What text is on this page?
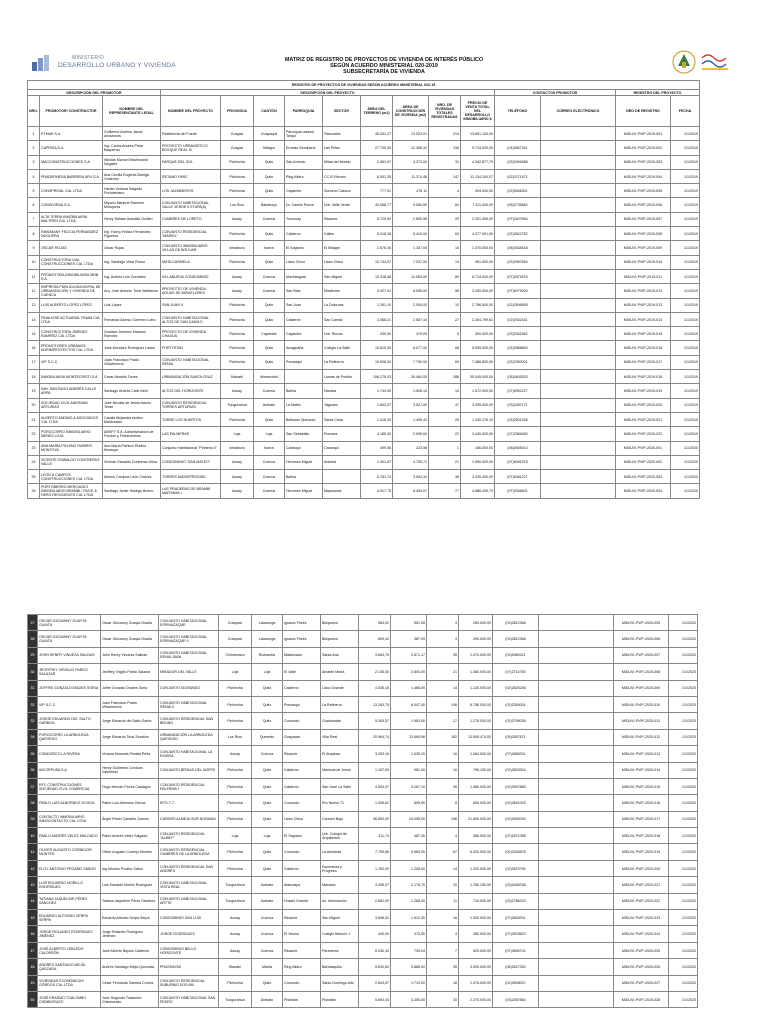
MINISTERIO
DESARROLLO URBANO Y VIVIENDA
MATRIZ DE REGISTRO DE PROYECTOS DE VIVIENDA DE INTERÉS PÚBLICO
SEGÚN ACUERDO MINISTERIAL 020-2019
SUBSECRETARÍA DE VIVIENDA
REGISTRO DE PROYECTOS DE VIVIENDAS SEGÚN ACUERDO MINISTERIAL 020-19															
DESCRIPCIÓN DEL PROMOTOR			DESCRIPCIÓN DEL PROYECTO									CONTACTOS PROMOTOR		REGISTRO DEL PROYECTO	
NRO.	PROMOTOR/ CONSTRUCTOR	NOMBRE DEL REPRESENTANTE LEGAL	NOMBRE DEL PROYECTO	PROVINCIA	CANTÓN	PARROQUIA	SECTOR	ÁREA DEL TERRENO (m2)	ÁREA DE CONSTRUCCIÓN DE VIVIENDA (m2)	NRO. DE VIVIENDAS TOTALES REGISTRADAS	PRECIO DE VENTA TOTAL DEL DESARROLLO INMOBILIARIO $	TELÉFONO	CORREO ELECTRÓNICO	NRO DE REGISTRO	FECHA
1	ETMAR S.A	Guillermo Avelino Jacob Amazonas	Residencia del Fuerte	Guayas	Guayaquil	Parroquia urbana Tarqui	Pascuales	46.051,27	13.023,01	214	13.691.100,00			MIDUVI-PVIP-2019-001	1/1/2019
2	CAPRISA S.A	Ing. Carlos Andrés Prida Baquerizo	PROYECTO URBANÍSTICO BOSQUE REAL III	Guayas	Milagro	Ernesto Seminario	Las Piñas	27.700,00	12.496,34	136	9.714.000,00	(04)4567341		MIDUVI-PVIP-2019-002	1/1/2019
3	MACCONSTRUCCIONES S.A	Nicolás Manuel Machinandi Nogales	PARQUE DEL SOL	Pichincha	Quito	San Antonio	Mitad del Mundo	2.561,97	4.273,00	31	4.342.877,79	(02)2494588		MIDUVI-PVIP-2019-003	1/1/2019
4	PRADERHERA BARRERA APU S.A	Ana Cecilia Eugenia Barriga Gutiérrez	RETAMO PARC	Pichincha	Quito	Ring Alfaro	CC El Recreo	6.501,35	11.374,46	147	11.134.200,07	(02)2271571		MIDUVI-PVIP-2019-004	1/1/2019
5	CONSPRISAL CIA. LTDA	Harlan Ventura Salgado Portobevano	LOS JAZMINEROS	Pichincha	Quito	Cayambe	Sonorco Cabuco	777,51	476,11	4	394.000,00	(02)2646301		MIDUVI-PVIP-2019-005	1/1/2019
6	CONSIVIENA S.A	Miyano Marlene Ramírez Mosquera	CONJUNTO HABITACIONAL VALLE VERDE II ETAPA(6)	Los Ríos	Babahoyo	Dr. Camilo Ponce	Urb. Valle Verde	40.068,77	9.050,59	84	7.311.000,00	(05)2735662		MIDUVI-PVIP-2019-006	1/1/2019
7	ALTA TERRA INMOBILIARIA MALTREN CIA. LTDA.	Henry Raldan Astudillo Guillen	CUMBRES DE LORETO	Azuay	Cuenca	Turunuay	Ricaurte	5.720,94	2.890,96	20	2.301.495,00	(07)2407554		MIDUVI-PVIP-2019-007	1/1/2019
8	INMOMANY FELICIA FERNANDEZ NOGUERA	Ing. Fanny Felicia Fernández Figueroa	CONJUNTO RESIDENCIAL "MARIEL"	Pichincha	Quito	Calderón	Calles	5.018,28	5.410,00	63	4.377.591,00	(02)2822752		MIDUVI-PVIP-2019-008	1/1/2019
9	OSCAR ROJAS	Oscar Rojas	CONJUNTO INMOBILIARIO VILLAS DE BOLÍVAR	Imbabura	Ibarra	El Sagrario	El Milagro	2.676,16	1.357,00	10	1.370.000,00	(06)2638418		MIDUVI-PVIP-2019-009	1/1/2019
10	CONSTRUCTORA VIAL CONSTRUCCIONES CIA. LTDA	Ing. Santiago Vidal Rocco	MATA CARMELA	Pichincha	Quito	Llano Chico	Llano Chico	10.744,57	7.037,00	13	981.000,00	(02)2987654		MIDUVI-PVIP-2019-010	1/1/2019
11	PROMOTORA INMOBILIARIA MRB S.A	Ing. Andrés Luis Gonzalez	VILLANUEVA CONDOMINIO	Azuay	Cuenca	Machángara	San Miguel	15.318,48	10.063,00	80	6.714.000,00	(07)2874576		MIDUVI-PVIP-2019-011	1/1/2019
12	EMPRESA PÚBLICA MUNICIPAL DE URBANIZACIÓN Y VIVIENDA DE CUENCA	Arq. José Antonio Toral Valdivieso	PROYECTO DE VIVIENDA AGUAS DE MIRAFLORES	Azuay	Cuenca	San Blas	Miraflores	3.027,91	5.055,00	56	3.200.000,00	(07)4079200		MIDUVI-PVIP-2019-012	1/1/2019
13	LUIS ALBERTO LÓPEZ LÓPEZ	Luis López	SAN JUAN II	Pichincha	Quito	San Juan	La Dolorosa	1.261,10	2.005,00	10	2.786.540,00	(02)2506895		MIDUVI-PVIP-2019-013	1/1/2019
14	FINALISSE ACTUARIAL FINAM CIA. LTDA	Fernando Alonso Guerrero Lobo	CONJUNTO HABITACIONAL ALTOS DE SAN CAMILO	Pichincha	Quito	Calderón	San Camilo	3.066,21	2.557,44	27	2.264.799,61	(02)2402341		MIDUVI-PVIP-2019-014	1/1/2019
15	CONSTRUCTORA JIMENEZ RAMIREZ CIA. LTDA	Gustavo Jimenez Mariano Ramírez	PROYECTO DE VIVIENDA CHAXUA	Pichincha	Cayambe	Cayambe	Urb. Rincón	330,00	479,09	5	300.000,00	(02)2361562		MIDUVI-PVIP-2019-015	1/1/2019
16	PROMOTORES URBANOS AGRIMPROYECTOS CIA. LTDA	José Monduro Rodríguez Lasso	PORTOFINO	Pichincha	Quito	Amaguaña	Colegio La Salle	15.810,00	6.077,00	66	5.595.000,00	(02)2868800		MIDUVI-PVIP-2019-016	1/1/2019
17	VIP S.C.C.	Juan Francisco Prado Villavicencio	CONJUNTO HABITACIONAL RENIA	Pichincha	Quito	Pomasqui	La Refinería	10.698,00	7.790,00	69	7.466.800,00	(02)2350001		MIDUVI-PVIP-2019-017	1/1/2019
18	INMOBILIARIA MONTECRISTI S.A	Cesar Abraldo Torres	URBANIZACIÓN SANTA CRUZ	Manabí	Montecristi		Lomas de Pueblo	106.276,03	26.464,00	286	30.045.000,00	(05)2605320		MIDUVI-PVIP-2019-018	1/1/2019
19	INM. SANTIAGO ANDRÉS CALLE ARPA	Santiago Andrés Calle Abril	ALTOS DEL HORIZONTE	Azuay	Cuenca	Baños	Narcisa	1.744,00	1.505,10	10	1.572.000,00	(07)2892227		MIDUVI-PVIP-2019-019	1/1/2019
20	SOCIEDAD CIVIL ANDINIAN ARTURIAS	José Nicolás de Jesús Arturio Terán	CONJUNTO RESIDENCIAL TORRES ARTURIAS	Tungurahua	Ambato	La Matriz	Yaguarín	1.603,37	3.527,00	47	3.395.000,00	(03)2487171		MIDUVI-PVIP-2019-020	1/1/2019
21	ALBERTO ANDINO & ASOCIADOS CIA. LTDA	Camila Alejandra Andino Maldonado	TORRE LOS HUERTOS	Pichincha	Quito	Belisario Quevedo	Santa Clara	1.016,34	1.495,42	20	1.330.276,10	(02)2501328		MIDUVI-PVIP-2019-021	1/1/2019
22	POROCORRO INMOBILIARIO MENEZ LOJA	ABSFY S.A. Administradora de Fondos y Fideicomisos	LAS PALMERAS	Loja	Loja	San Sebastián	Punzara	4.185,40	2.095,00	22	3.449.000,00	(07)2584400		MIDUVI-PVIP-2019-022	1/1/2019
23	ANA MARÍA PICHINO RUBIRIS MONTOYA	Ana María Pichinci Rubiris Montoya	Conjunto Habitacional "Pinheria 4"	Imbabura	Ibarra	Caranqui	Caranqui	499,56	223,56	1	166.000,00	(06)2645013		MIDUVI-PVIP-2020-001	1/1/2020
24	VICENTE OSWALDO CONTRERAS VALLE	Vicente Oswaldo Contreras Ulloa	CONDOMINIO "SAN MATEO"	Azuay	Cuenca	Hermano Miguel	Antonia	2.401,57	4.750,71	21	1.990.000,00	(07)4081975		MIDUVI-PVIP-2020-002	1/1/2020
25	LEÓN & CAMPOS CONSTRUCCIONES CIA. LTDA	Alonso Campos León Chávez	TORRES MIDDEPROSIDE	Azuay	Cuenca	Baños		5.781,74	3.094,34	36	3.226.400,00	(07)4081227		MIDUVI-PVIP-2020-003	1/1/2020
26	PORTOBERRO MERCADEO INMOBILIARIO BRAMBI / RUCE & HERO RESOURCES CIA. LTDA	Santiago Javier Hidalgo Bueno	LAS PRADERAS DE BRAMBI MARYAMA I	Azuay	Cuenca	Hermano Miguel	Mayancela	4.917,75	5.454,07	77	4.886.439,73	(07)2346601		MIDUVI-PVIP-2020-004	1/1/2020
27	OSCAR GIOVANNY GUAYTA GUAITA	Oscar Giovanny Guayta Guaita	CONJUNTO HABITACIONAL ESPINAZAQUE	Cotopaxi	Latacunga	Ignacio Flores	Belquenui	984,02	551,08	4	280.000,00	(03)2812368		MIDUVI-PVIP-2020-005	1/1/2020
28	OSCAR GIOVANNY GUAYTA GUAITA	Oscar Giovanny Guayta Guaita	CONJUNTO HABITACIONAL ESPINAZAQUE II	Cotopaxi	Latacunga	Ignacio Flores	Belquenui	609,42	387,99	4	290.000,00	(03)2812368		MIDUVI-PVIP-2020-006	1/1/2020
29	JOHN HENRY VINUEZA SALINAS	John Henry Vinueza Salinas	CONJUNTO HABITACIONAL RENIA JUAN	Chimborazo	Riobamba	Maldonado	Santa Ana	3.664,75	2.871,17	26	1.470.000,00	(03)2960321		MIDUVI-PVIP-2020-007	1/1/2020
30	JEOFFREY VIRGILIO PARDO SALAZAR	Jeoffrey Virgilio Pardo Salazar	MIRADOR DEL VALLE	Loja	Loja	El Valle	Amable María	2.135,00	2.800,00	21	1.380.000,00	(07)2714750		MIDUVI-PVIP-2020-008	1/1/2020
31	JOFFRE GONZALO DÍADES SORIA	Joffre Gonzalo Díades Soria	CONJUNTO SIGRANDO	Pichincha	Quito	Calderón	Llano Grande	4.035,15	1.468,50	14	1.135.000,00	(02)2820246		MIDUVI-PVIP-2020-009	1/1/2020
32	VIP S.C.C.	Juan Francisco Prado Villavicencio	CONJUNTO HABITACIONAL RENIA II	Pichincha	Quito	Pomasqui	La Refinería	13.263,75	8.047,40	106	8.756.000,00	(02)2350001		MIDUVI-PVIP-2020-010	1/1/2020
33	JORGE EDUARDO DEL SALTO GARBON	Jorge Eduardo del Salto Garbo	CONJUNTO RESIDENCIAL SAN BRUNO	Pichincha	Quito	Conocoto	Gualorrotán	5.305,57	1.953,90	17	1.276.000,00	(02)2795036		MIDUVI-PVIP-2020-011	1/1/2020
34	POROCORRO LA ARBOLEDA QUEVEDO	Jorge Eduardo Toral Zevallos	URBANIZACIÓN LA ARBOLEDA QUEVEDO	Los Ríos	Quevedo	Guayacán	Villa Real	20.964,74	13.665,98	182	13.595.474,00	(05)2557671		MIDUVI-PVIP-2020-012	1/1/2020
35	CONDORCO LA RIVERA	Viviana Manuela Peralta Peña	CONJUNTO HABITACIONAL LA RIVERA	Azuay	Cuenca	Ricaurte	El Arquinao	3.393,16	1.035,20	10	1.264.000,00	(07)2860001		MIDUVI-PVIP-2020-013	1/1/2020
36	INCORPUSA S.A	Henry Guillermo Córdova Valdivieso	CONJUNTO BRISAS DEL NORTE	Pichincha	Quito	Calderón	Mariscal de Jesús	1.157,63	981,00	10	796.100,00	(02)2829304		MIDUVI-PVIP-2020-014	1/1/2020
37	RFC CONSTRUCCIONES SOCIEDAD CIVIL COMERCIAL	Hugo Hernán Flores Castagno	CONJUNTO RESIDENCIAL PALERMA I	Pichincha	Quito	Calderón	San José La Salle	4.594,37	3.267,10	26	1.580.000,00	(02)2597865		MIDUVI-PVIP-2020-015	1/1/2020
38	PABLO LUIS ALBORNOZ OCHOA	Pablo Luis Albornoz Ochoa	EPO-7-7	Pichincha	Quito	Conocoto	Río Nuevo 71	1.005,62	699,90	8	660.000,00	(02)2641003		MIDUVI-PVIP-2020-016	1/1/2020
39	CONTACTO INMOBILIARIO INMOCONTACTO CIA. LTDA	Ángel Efrain Cantaño Garces	CAPARIS ALMEJA SUR NORMAN	Pichincha	Quito	Llano Chico	Carmen Bajo	36.800,00	24.059,00	196	21.800.000,00	(02)2540024		MIDUVI-PVIP-2020-017	1/1/2020
40	PABLO ANDRÉS VELEZ MALDADO	Pablo Andrés Velez Salgado	CONJUNTO RESIDENCIAL "ALBBY"	Loja	Loja	El Sagrario	Urb. Colegio de Arquitectos	311,74	487,40	4	366.000,00	(07)2571058		MIDUVI-PVIP-2020-018	1/1/2020
41	OLIVER AUGUSTO CORNEJOR MONTES	Oliver Augusto Cornejo Montes	CONJUNTO RESIDENCIAL CUMBRES DE LA ARBOLEDA	Pichincha	Quito	Conocoto	La Arboleda	7.795,66	5.969,00	67	6.320.000,00	(02)2345876		MIDUVI-PVIP-2020-019	1/1/2020
42	ELOY ANTONIO PROAÑO SABOR	Ing Alfonso Proaño Sabor	CONJUNTO RESIDENCIAL SAN ANDRÉS	Pichincha	Quito	Calderón	Esperanza y Progreso	1.760,00	1.205,00	14	1.220.000,00	(02)2875790		MIDUVI-PVIP-2020-020	1/1/2020
43	LUIS EDUARDO MORILLO RODRÍGUEZ	Luis Eduardo Morillo Rodríguez	CONJUNTO HABITACIONAL VISTA REAL	Tungurahua	Ambato	Atahualpa	Macasto	3.495,97	2.178,70	20	1.780.150,00	(03)2458768		MIDUVI-PVIP-2020-021	1/1/2020
44	TATIANA JAQUELINE PÉREZ SÁNCHEZ	Tatiana Jaqueline Pérez Sánchez	CONJUNTO HABITACIONAL ARTTE	Tungurahua	Ambato	Huachi Grande	Av. Información	2.681,00	1.268,00	11	710.000,00	(03)2786233		MIDUVI-PVIP-2020-022	1/1/2020
45	EDUARDO ALFONSO SERPA SERPA	Eduardo Alfonso Serpa Serpa	CONDOMINIO SAN LUIS	Azuay	Cuenca	Ricaurte	San Miguel	3.698,52	1.912,30	16	1.330.000,00	(07)2840001		MIDUVI-PVIP-2020-023	1/1/2020
46	JORGE ROLANDO RODRÍGUEZ JIMÉNEZ	Jorge Rolando Rodríguez Jiménez	JORGE RODRÍGUEZ	Azuay	Cuenca	El Vecino	Colegio Manuel J.	440,00	373,50	4	380.000,00	(07)2878823		MIDUVI-PVIP-2020-024	1/1/2020
47	JOSÉ ALBERTO LÉBLEDO CALDERÓN	José Alberto Bayolo Calderón	CONDOMINIO BELLO HORIZONTE	Azuay	Cuenca	Ricaurte	Paraneros	6.030,34	739,04	7	620.000,00	(07)2895742		MIDUVI-PVIP-2020-025	1/1/2020
48	ANDRÉS SANTIAGO MEJÍA QUEZADA	Andrés Santiago Mejía Quezada	PRASSAYAS	Manabí	Manta	Ring Alfaro	Barbasquillo	5.630,60	3.868,00	26	3.000.000,00	(05)2627330		MIDUVI-PVIP-2020-026	1/1/2020
49	VIVIENDAS ECONÓMICAS GÓRDOS CIA. LTDA	César Fernando Saravia Correa	CONJUNTO RESIDENCIAL SUBURBIO DOS MIL	Pichincha	Quito	Conocoto	Santo Domingo Alto	2.643,57	1.713,00	16	1.476.000,00	(02)2608007		MIDUVI-PVIP-2020-027	1/1/2020
50	JOSÉ ERASMO TOALOMBO CHIMBORAZO	José Segundo Toalombo Chimborazo	CONJUNTO HABITACIONAL SAN PEDRO	Tungurahua	Ambato	Pishilata	Pishilata	5.694,43	3.350,00	30	2.270.000,00	(03)2457564		MIDUVI-PVIP-2020-028	1/1/2020
